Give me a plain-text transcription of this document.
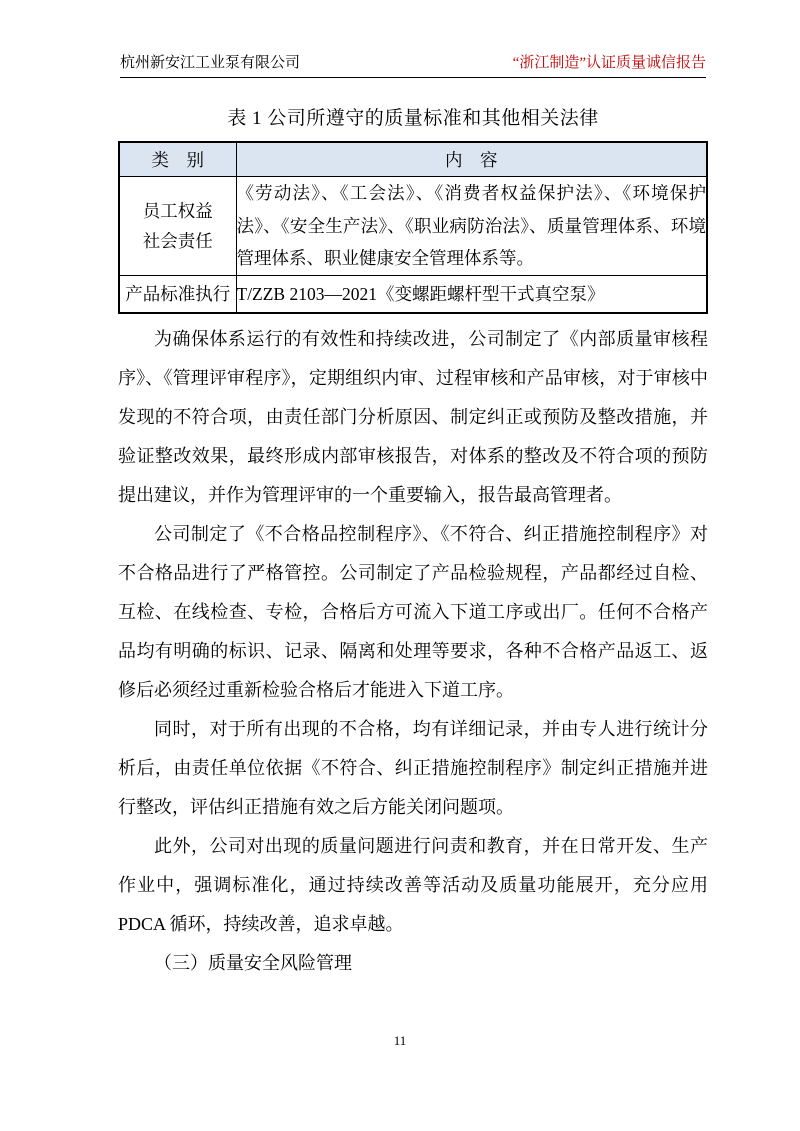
杭州新安江工业泵有限公司	“浙江制造”认证质量诚信报告
表 1 公司所遵守的质量标准和其他相关法律
类　别	内　容

员工权益
社会责任	《劳动法》、《工会法》、《消费者权益保护法》、《环境保护法》、《安全生产法》、《职业病防治法》、质量管理体系、环境管理体系、职业健康安全管理体系等。

产品标准执行	T/ZZB 2103—2021《变螺距螺杆型干式真空泵》

为确保体系运行的有效性和持续改进，公司制定了《内部质量审核程序》、《管理评审程序》，定期组织内审、过程审核和产品审核，对于审核中发现的不符合项，由责任部门分析原因、制定纠正或预防及整改措施，并验证整改效果，最终形成内部审核报告，对体系的整改及不符合项的预防提出建议，并作为管理评审的一个重要输入，报告最高管理者。

公司制定了《不合格品控制程序》、《不符合、纠正措施控制程序》对不合格品进行了严格管控。公司制定了产品检验规程，产品都经过自检、互检、在线检查、专检，合格后方可流入下道工序或出厂。任何不合格产品均有明确的标识、记录、隔离和处理等要求，各种不合格产品返工、返修后必须经过重新检验合格后才能进入下道工序。

同时，对于所有出现的不合格，均有详细记录，并由专人进行统计分析后，由责任单位依据《不符合、纠正措施控制程序》制定纠正措施并进行整改，评估纠正措施有效之后方能关闭问题项。

此外，公司对出现的质量问题进行问责和教育，并在日常开发、生产作业中，强调标准化，通过持续改善等活动及质量功能展开，充分应用 PDCA 循环，持续改善，追求卓越。

（三）质量安全风险管理

11
